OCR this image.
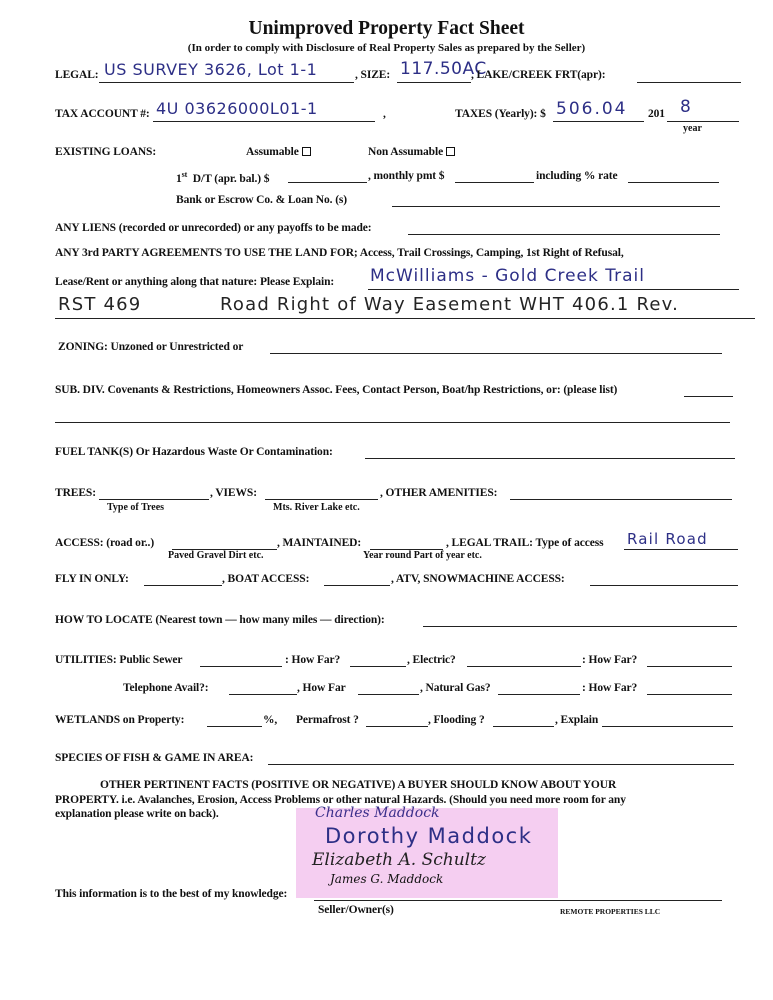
Unimproved Property Fact Sheet
(In order to comply with Disclosure of Real Property Sales as prepared by the Seller)
LEGAL: US SURVEY 3626, Lot 1-1	, SIZE: 117.50AC
, LAKE/CREEK FRT(apr):
TAX ACCOUNT #: 4U 03626000L01-1	,	TAXES (Yearly): $ 506.04 201 8
year
EXISTING LOANS:	Assumable	Non Assumable
1st D/T (apr. bal.) $	, monthly pmt $	including % rate
Bank or Escrow Co. & Loan No. (s)
ANY LIENS (recorded or unrecorded) or any payoffs to be made:
ANY 3rd PARTY AGREEMENTS TO USE THE LAND FOR; Access, Trail Crossings, Camping, 1st Right of Refusal,
Lease/Rent or anything along that nature: Please Explain: McWilliams - Gold Creek Trail
RST 469	Road Right of Way Easement WHT 406.1 Rev.
ZONING: Unzoned or Unrestricted or
SUB. DIV. Covenants & Restrictions, Homeowners Assoc. Fees, Contact Person, Boat/hp Restrictions, or: (please list)
FUEL TANK(S) Or Hazardous Waste Or Contamination:
TREES:	, VIEWS:	, OTHER AMENITIES:
Type of Trees	Mts. River Lake etc.
ACCESS: (road or..)	, MAINTAINED:	, LEGAL TRAIL: Type of access Rail Road
Paved Gravel Dirt etc.	Year round Part of year etc.
FLY IN ONLY:	, BOAT ACCESS:	, ATV, SNOWMACHINE ACCESS:
HOW TO LOCATE (Nearest town — how many miles — direction):
UTILITIES: Public Sewer	: How Far?	, Electric?	: How Far?
Telephone Avail?:	, How Far	, Natural Gas?	: How Far?
WETLANDS on Property:	%, Permafrost ?	, Flooding ?	, Explain
SPECIES OF FISH & GAME IN AREA:
OTHER PERTINENT FACTS (POSITIVE OR NEGATIVE) A BUYER SHOULD KNOW ABOUT YOUR
PROPERTY. i.e. Avalanches, Erosion, Access Problems or other natural Hazards. (Should you need more room for any
explanation please write on back).	Charles Maddock
Dorothy Maddock
Elizabeth A. Schultz
James G. Maddock
This information is to the best of my knowledge:
Seller/Owner(s)	REMOTE PROPERTIES LLC
